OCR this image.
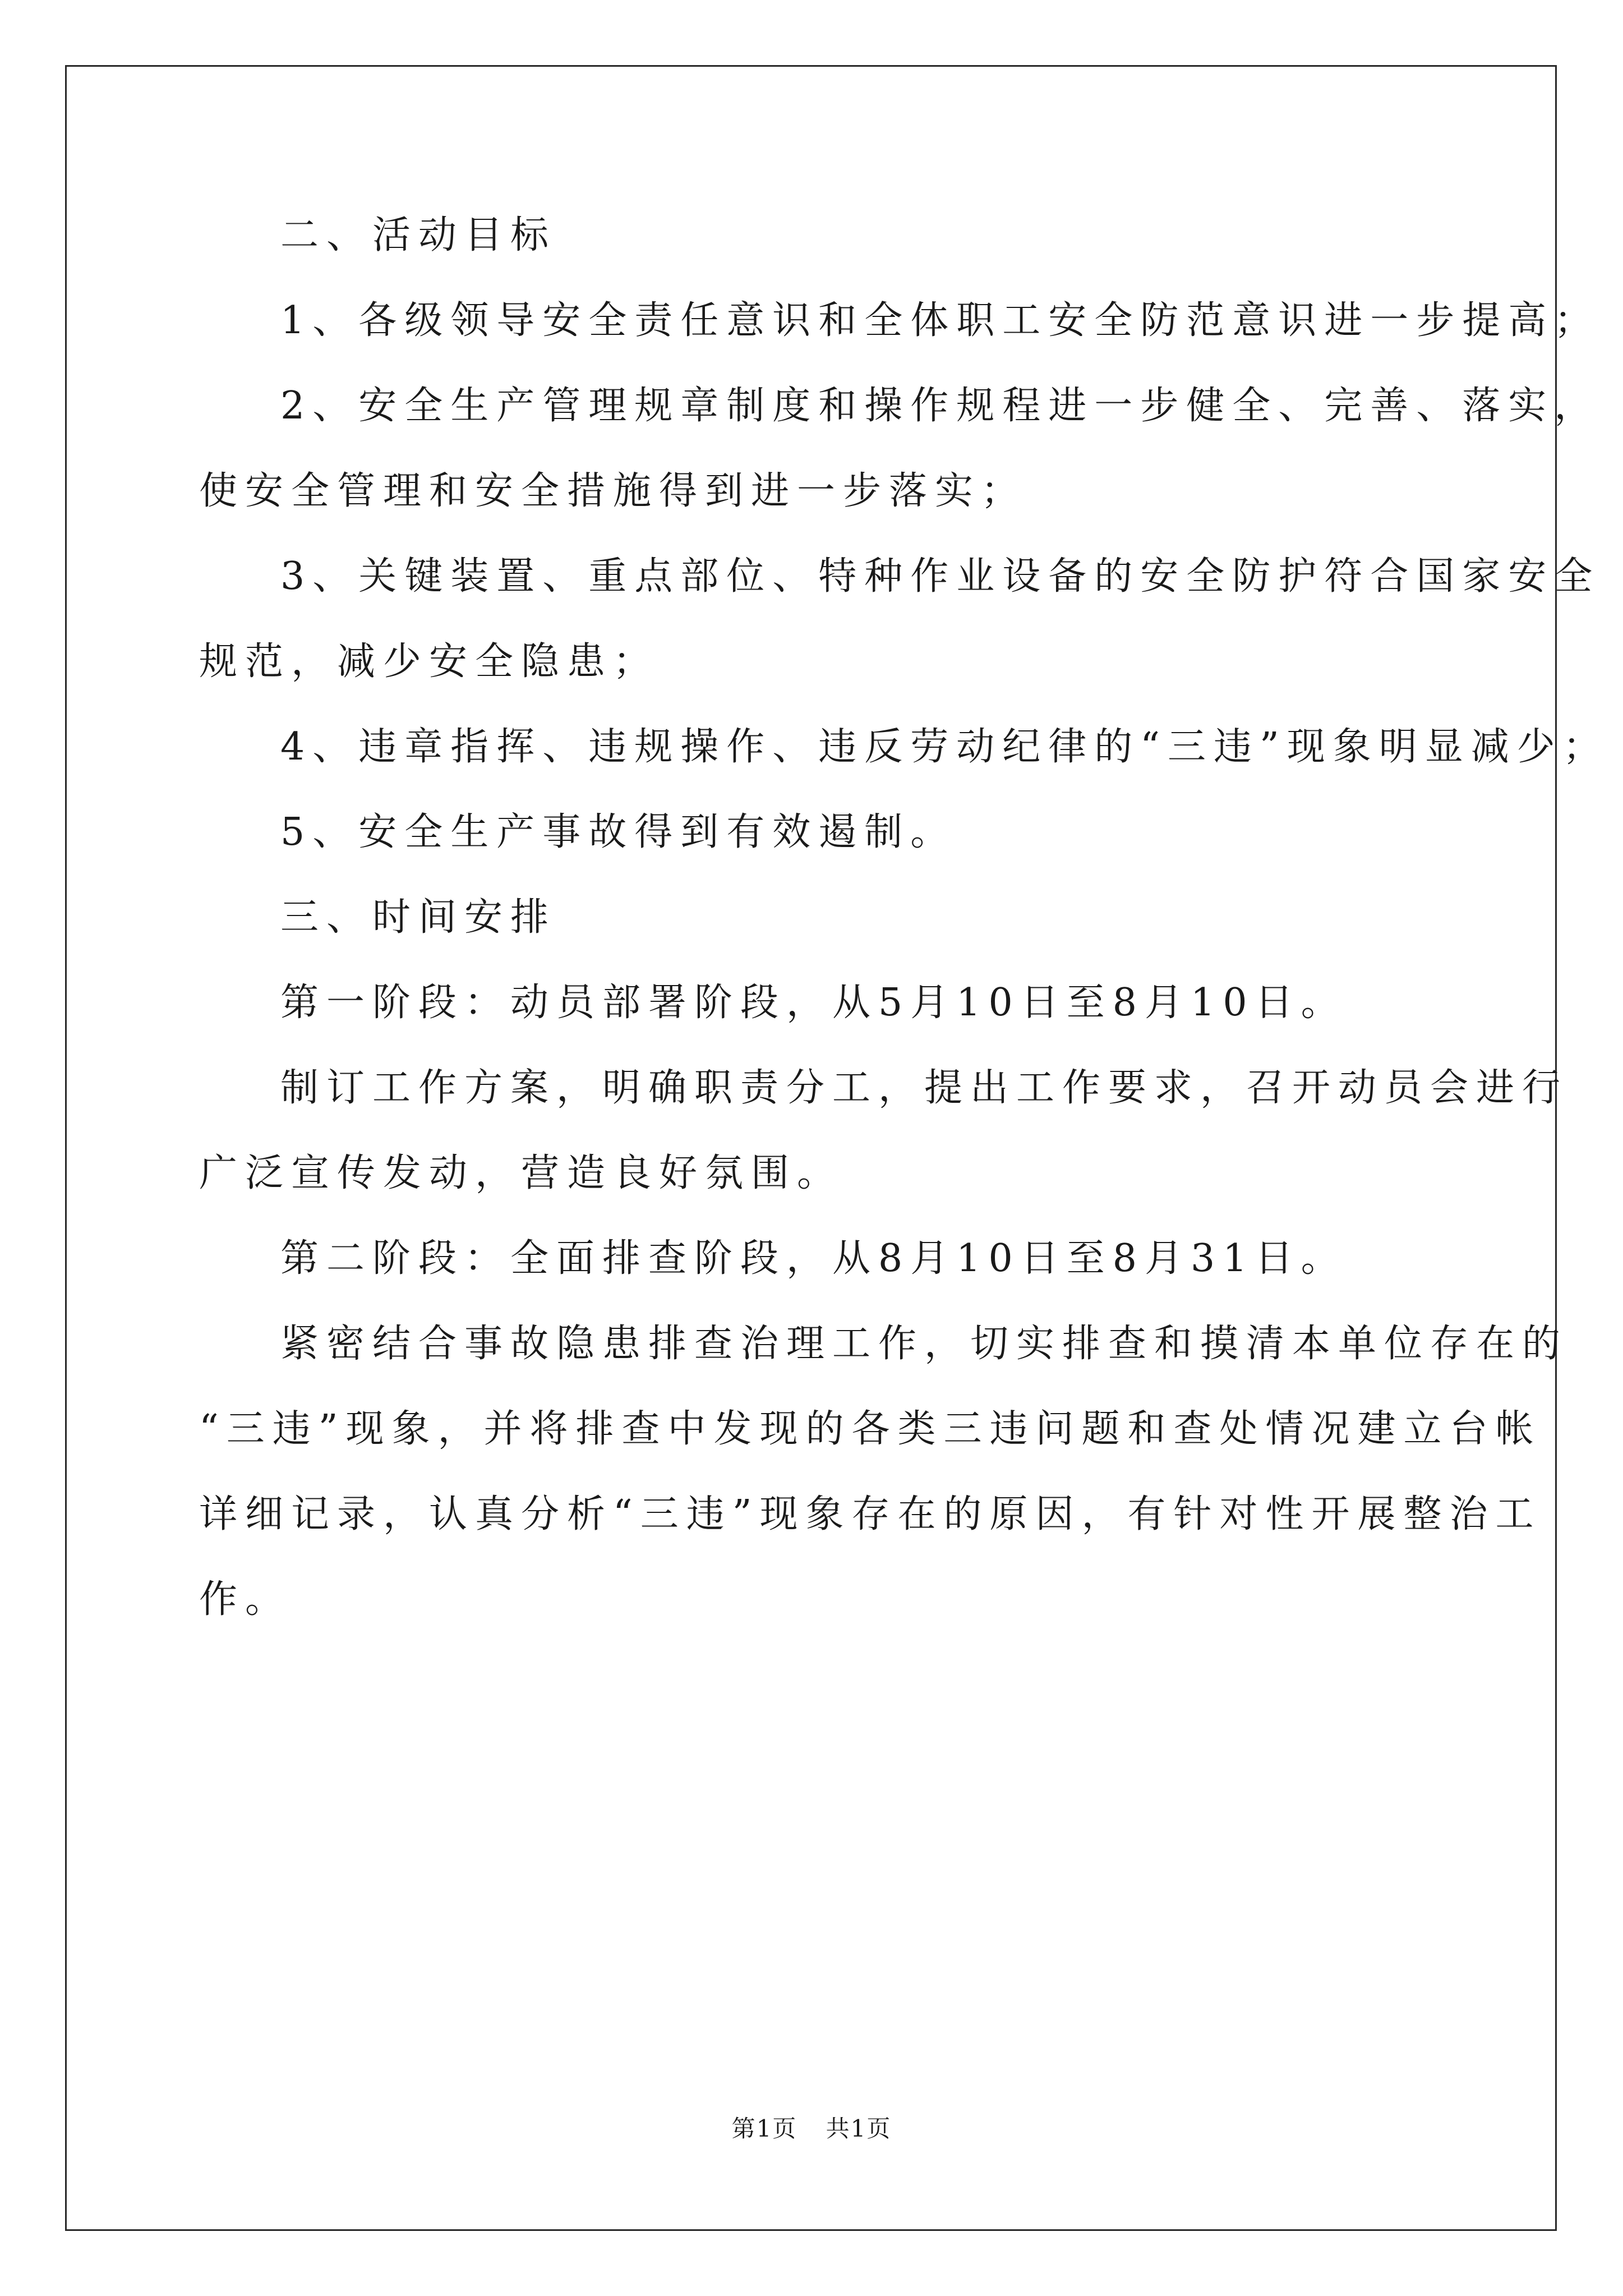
二、活动目标
1、各级领导安全责任意识和全体职工安全防范意识进一步提高；
2、安全生产管理规章制度和操作规程进一步健全、完善、落实，
使安全管理和安全措施得到进一步落实；
3、关键装置、重点部位、特种作业设备的安全防护符合国家安全
规范，减少安全隐患；
4、违章指挥、违规操作、违反劳动纪律的“三违”现象明显减少；
5、安全生产事故得到有效遏制。
三、时间安排
第一阶段：动员部署阶段，从5月10日至8月10日。
制订工作方案，明确职责分工，提出工作要求，召开动员会进行
广泛宣传发动，营造良好氛围。
第二阶段：全面排查阶段，从8月10日至8月31日。
紧密结合事故隐患排查治理工作，切实排查和摸清本单位存在的
“三违”现象，并将排查中发现的各类三违问题和查处情况建立台帐
详细记录，认真分析“三违”现象存在的原因，有针对性开展整治工
作。
第1页 共1页
